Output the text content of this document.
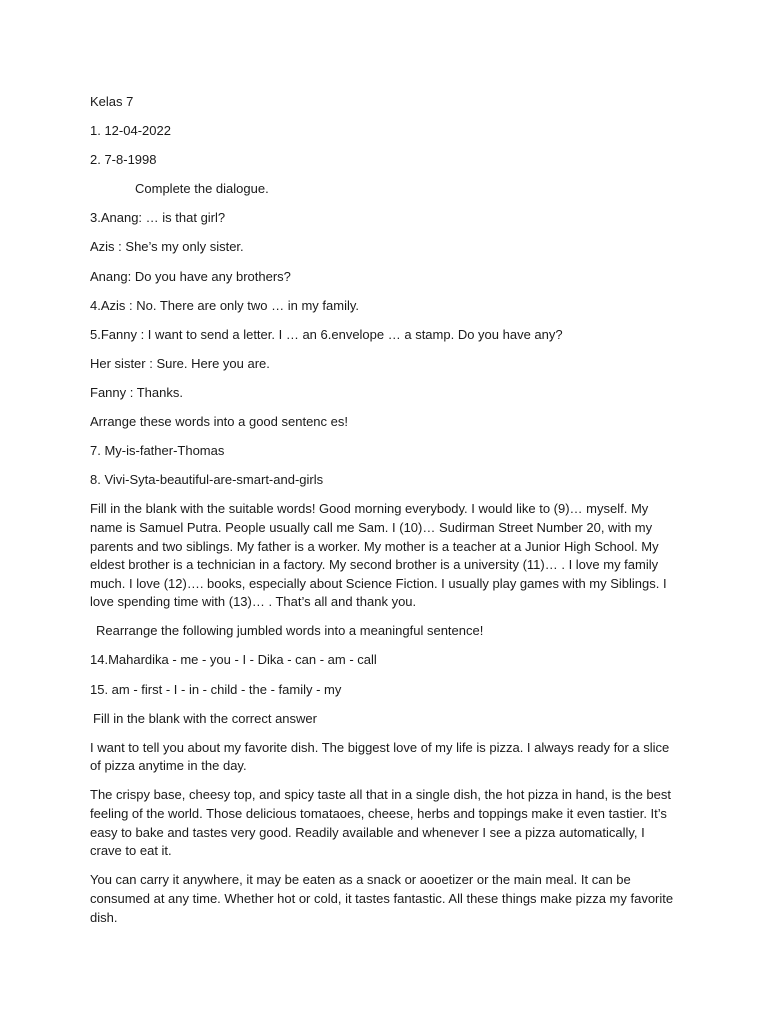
Kelas 7

1. 12-04-2022

2. 7-8-1998

Complete the dialogue.

3.Anang: … is that girl?

Azis : She’s my only sister.

Anang: Do you have any brothers?

4.Azis : No. There are only two … in my family.

5.Fanny : I want to send a letter. I … an 6.envelope … a stamp. Do you have any?

Her sister : Sure. Here you are.

Fanny : Thanks.

Arrange these words into a good sentenc es!

7. My-is-father-Thomas

8. Vivi-Syta-beautiful-are-smart-and-girls

Fill in the blank with the suitable words! Good morning everybody. I would like to (9)… myself. My name is Samuel Putra. People usually call me Sam. I (10)… Sudirman Street Number 20, with my parents and two siblings. My father is a worker. My mother is a teacher at a Junior High School. My eldest brother is a technician in a factory. My second brother is a university (11)… . I love my family much. I love (12)…. books, especially about Science Fiction. I usually play games with my Siblings. I love spending time with (13)… . That’s all and thank you.

Rearrange the following jumbled words into a meaningful sentence!

14.Mahardika - me - you - I - Dika - can - am - call

15. am - first - I - in - child - the - family - my

Fill in the blank with the correct answer

I want to tell you about my favorite dish. The biggest love of my life is pizza. I always ready for a slice of pizza anytime in the day.

The crispy base, cheesy top, and spicy taste all that in a single dish, the hot pizza in hand, is the best feeling of the world. Those delicious tomataoes, cheese, herbs and toppings make it even tastier. It’s easy to bake and tastes very good. Readily available and whenever I see a pizza automatically, I crave to eat it.

You can carry it anywhere, it may be eaten as a snack or aooetizer or the main meal. It can be consumed at any time. Whether hot or cold, it tastes fantastic. All these things make pizza my favorite dish.
